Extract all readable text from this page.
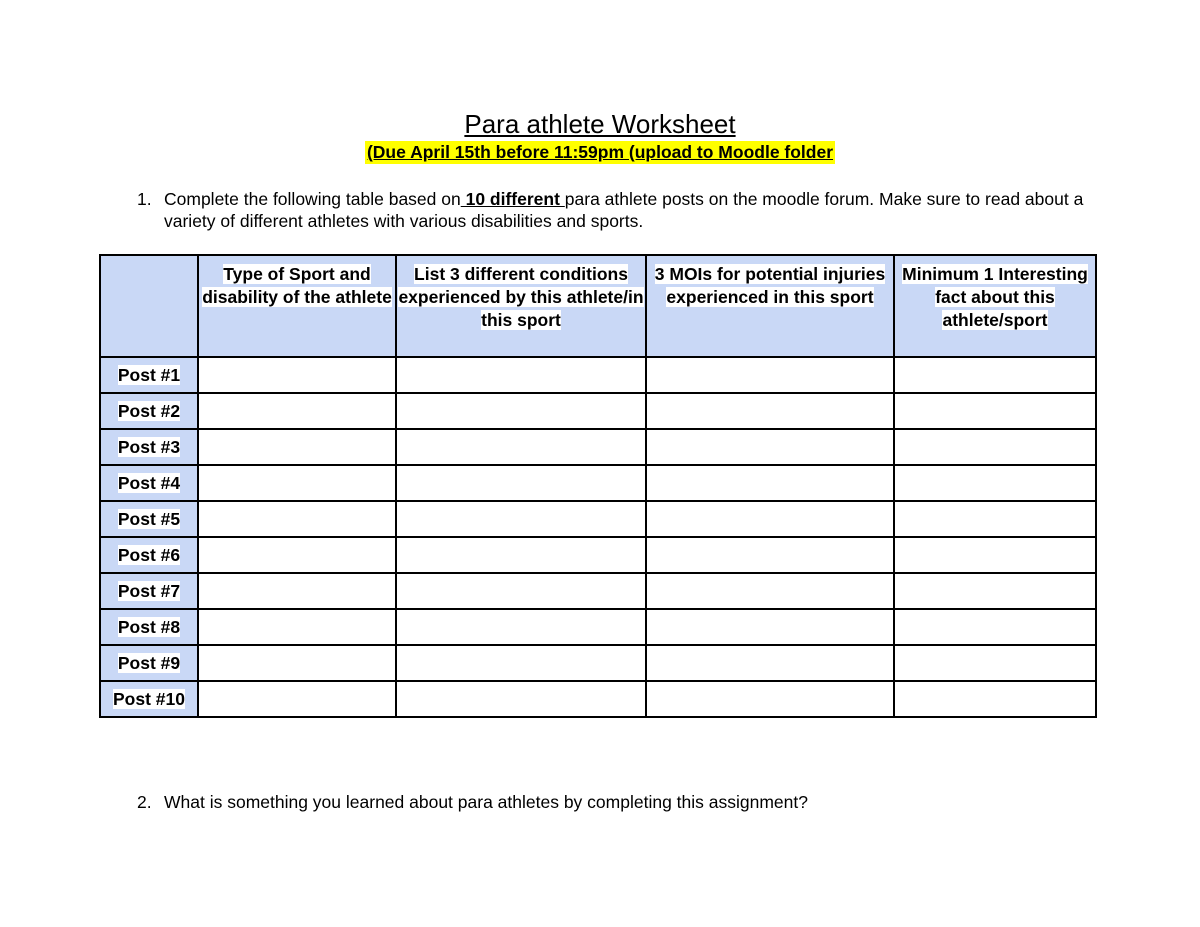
Para athlete Worksheet
(Due April 15th before 11:59pm (upload to Moodle folder
1. Complete the following table based on 10 different para athlete posts on the moodle forum. Make sure to read about a variety of different athletes with various disabilities and sports.
	Type of Sport and disability of the athlete	List 3 different conditions experienced by this athlete/in this sport	3 MOIs for potential injuries experienced in this sport	Minimum 1 Interesting fact about this athlete/sport
Post #1				
Post #2				
Post #3				
Post #4				
Post #5				
Post #6				
Post #7				
Post #8				
Post #9				
Post #10				
2. What is something you learned about para athletes by completing this assignment?
